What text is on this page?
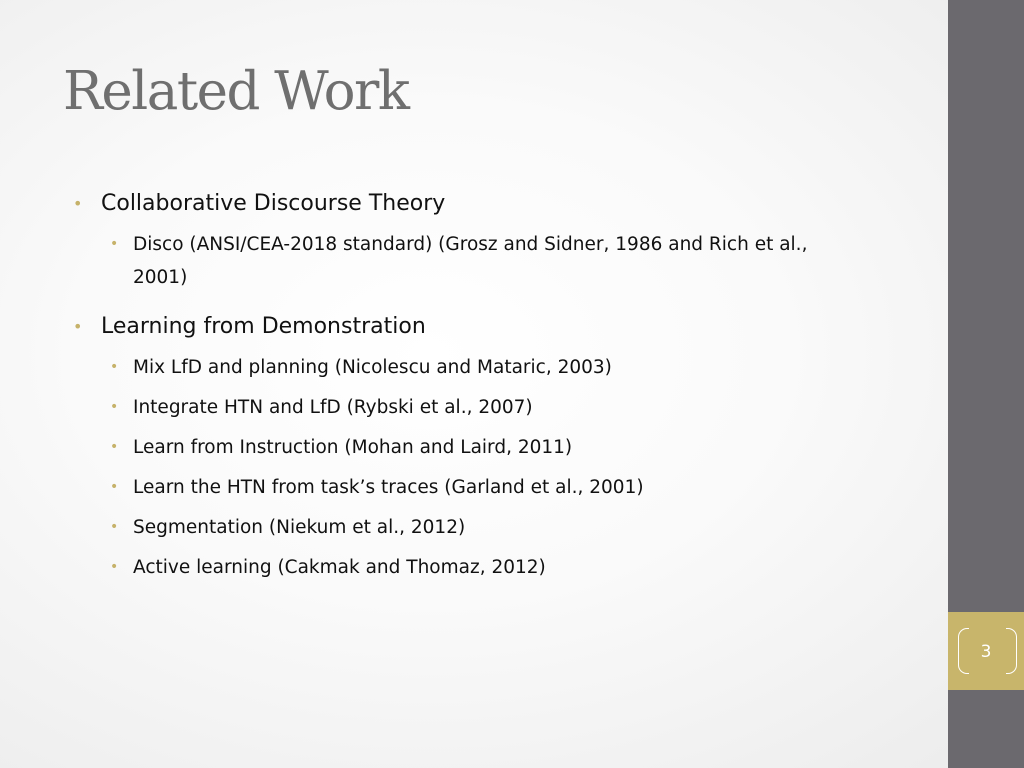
Related Work
• Collaborative Discourse Theory
• Disco (ANSI/CEA-2018 standard) (Grosz and Sidner, 1986 and Rich et al., 2001)
• Learning from Demonstration
• Mix LfD and planning (Nicolescu and Mataric, 2003)
• Integrate HTN and LfD (Rybski et al., 2007)
• Learn from Instruction (Mohan and Laird, 2011)
• Learn the HTN from task’s traces (Garland et al., 2001)
• Segmentation (Niekum et al., 2012)
• Active learning (Cakmak and Thomaz, 2012)
3
